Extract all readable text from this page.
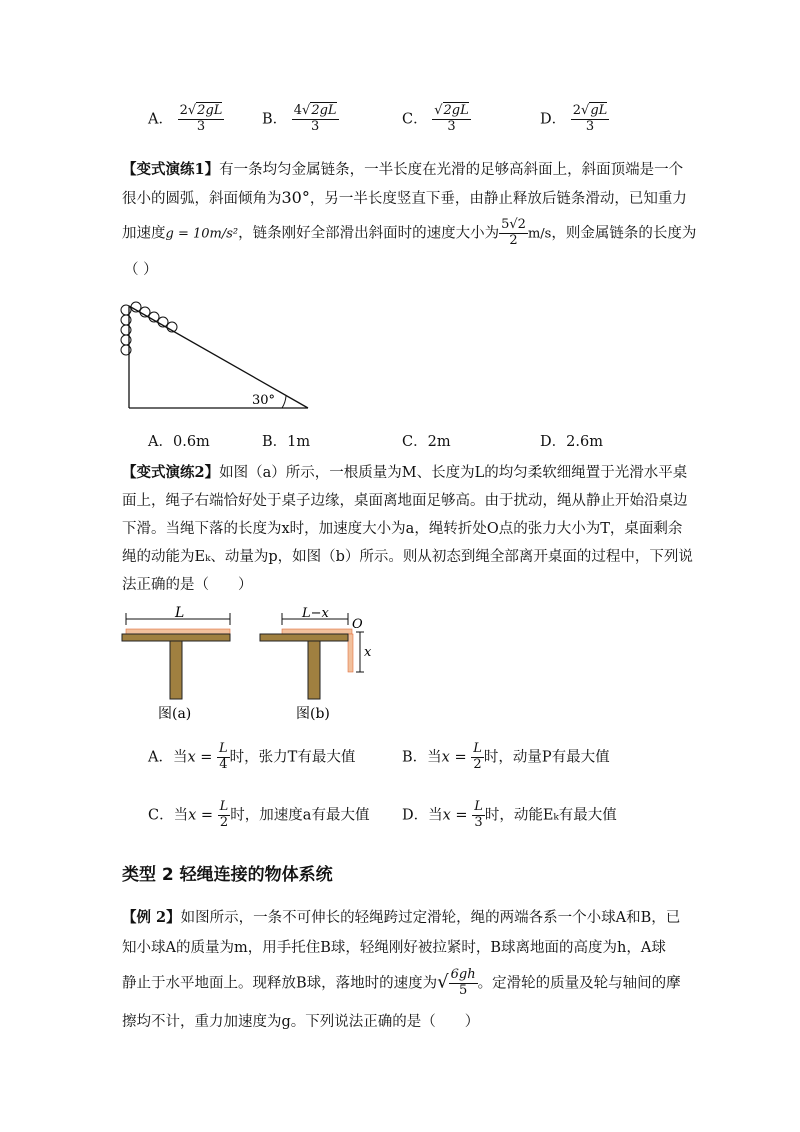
A． $\frac{2√2gL}{3}$	B． $\frac{4√2gL}{3}$	C． $\frac{√2gL}{3}$	D． $\frac{2√gL}{3}$
【变式演练1】有一条均匀金属链条，一半长度在光滑的足够高斜面上，斜面顶端是一个
很小的圆弧，斜面倾角为30°，另一半长度竖直下垂，由静止释放后链条滑动，已知重力
加速度g = 10m/s²，链条刚好全部滑出斜面时的速度大小为 $\frac{5√2}{2} m/s$，则金属链条的长度为
（ ）
30°
A．0.6m	B．1m	C．2m	D．2.6m
【变式演练2】如图（a）所示，一根质量为M、长度为L的均匀柔软细绳置于光滑水平桌
面上，绳子右端恰好处于桌子边缘，桌面离地面足够高。由于扰动，绳从静止开始沿桌边
下滑。当绳下落的长度为x时，加速度大小为a，绳转折处O点的张力大小为T，桌面剩余
绳的动能为Eₖ、动量为p，如图（b）所示。则从初态到绳全部离开桌面的过程中，下列说
法正确的是（　　）
L
图(a)
L−x
O
x
图(b)
A．当$x = \frac{L}{4}$ 时，张力T有最大值	B．当$x = \frac{L}{2}$ 时，动量P有最大值
C．当$x = \frac{L}{2}$ 时，加速度a有最大值 D．当$x = \frac{L}{3}$ 时，动能Eₖ有最大值
类型 2 轻绳连接的物体系统
【例 2】如图所示，一条不可伸长的轻绳跨过定滑轮，绳的两端各系一个小球A和B，已
知小球A的质量为m，用手托住B球，轻绳刚好被拉紧时，B球离地面的高度为h，A球
静止于水平地面上。现释放B球，落地时的速度为√ $\frac{6gh}{5}$ 。定滑轮的质量及轮与轴间的摩
擦均不计，重力加速度为g。下列说法正确的是（　　）
